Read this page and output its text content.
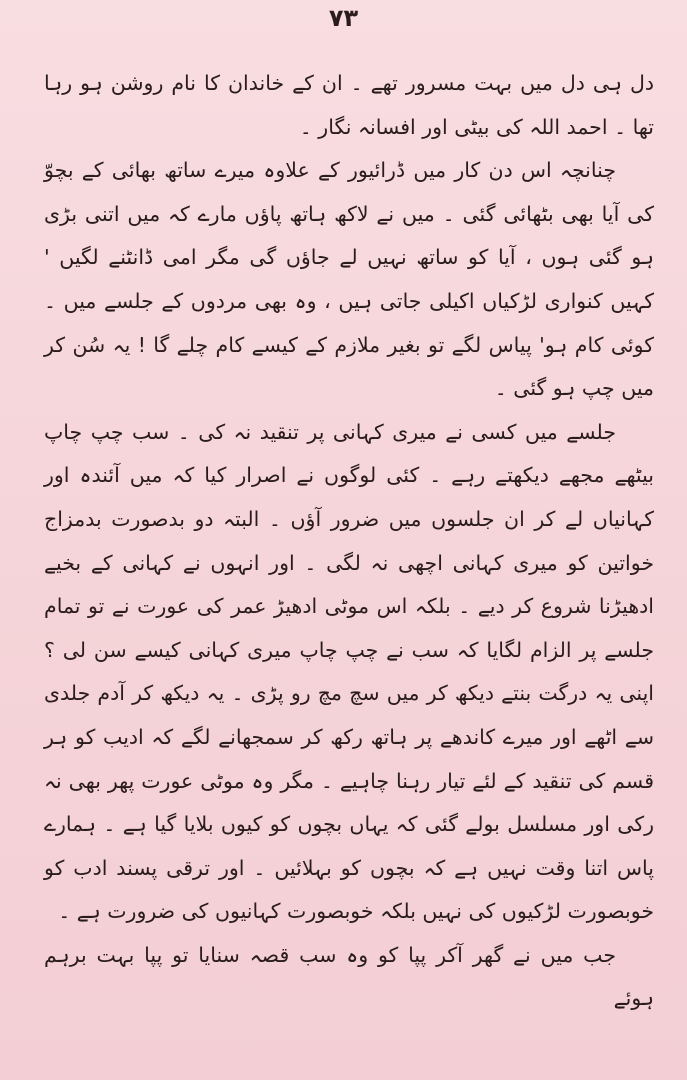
۷۳

دل ہی دل میں بہت مسرور تھے ۔ ان کے خاندان کا نام روشن ہو رہا تھا ۔ احمد اللہ کی بیٹی اور افسانہ نگار ۔

چنانچہ اس دن کار میں ڈرائیور کے علاوہ میرے ساتھ بھائی کے بچوّ کی آیا بھی بٹھائی گئی ۔ میں نے لاکھ ہاتھ پاؤں مارے کہ میں اتنی بڑی ہو گئی ہوں ، آیا کو ساتھ نہیں لے جاؤں گی مگر امی ڈانٹنے لگیں ' کہیں کنواری لڑکیاں اکیلی جاتی ہیں ، وہ بھی مردوں کے جلسے میں ۔ کوئی کام ہو' پیاس لگے تو بغیر ملازم کے کیسے کام چلے گا ! یہ سُن کر میں چپ ہو گئی ۔

جلسے میں کسی نے میری کہانی پر تنقید نہ کی ۔ سب چپ چاپ بیٹھے مجھے دیکھتے رہے ۔ کئی لوگوں نے اصرار کیا کہ میں آئندہ اور کہانیاں لے کر ان جلسوں میں ضرور آؤں ۔ البتہ دو بدصورت بدمزاج خواتین کو میری کہانی اچھی نہ لگی ۔ اور انہوں نے کہانی کے بخیے ادھیڑنا شروع کر دیے ۔ بلکہ اس موٹی ادھیڑ عمر کی عورت نے تو تمام جلسے پر الزام لگایا کہ سب نے چپ چاپ میری کہانی کیسے سن لی ؟ اپنی یہ درگت بنتے دیکھ کر میں سچ مچ رو پڑی ۔ یہ دیکھ کر آدم جلدی سے اٹھے اور میرے کاندھے پر ہاتھ رکھ کر سمجھانے لگے کہ ادیب کو ہر قسم کی تنقید کے لئے تیار رہنا چاہیے ۔ مگر وہ موٹی عورت پھر بھی نہ رکی اور مسلسل بولے گئی کہ یہاں بچوں کو کیوں بلایا گیا ہے ۔ ہمارے پاس اتنا وقت نہیں ہے کہ بچوں کو بہلائیں ۔ اور ترقی پسند ادب کو خوبصورت لڑکیوں کی نہیں بلکہ خوبصورت کہانیوں کی ضرورت ہے ۔

جب میں نے گھر آکر پپا کو وہ سب قصہ سنایا تو پپا بہت برہم ہوئے
